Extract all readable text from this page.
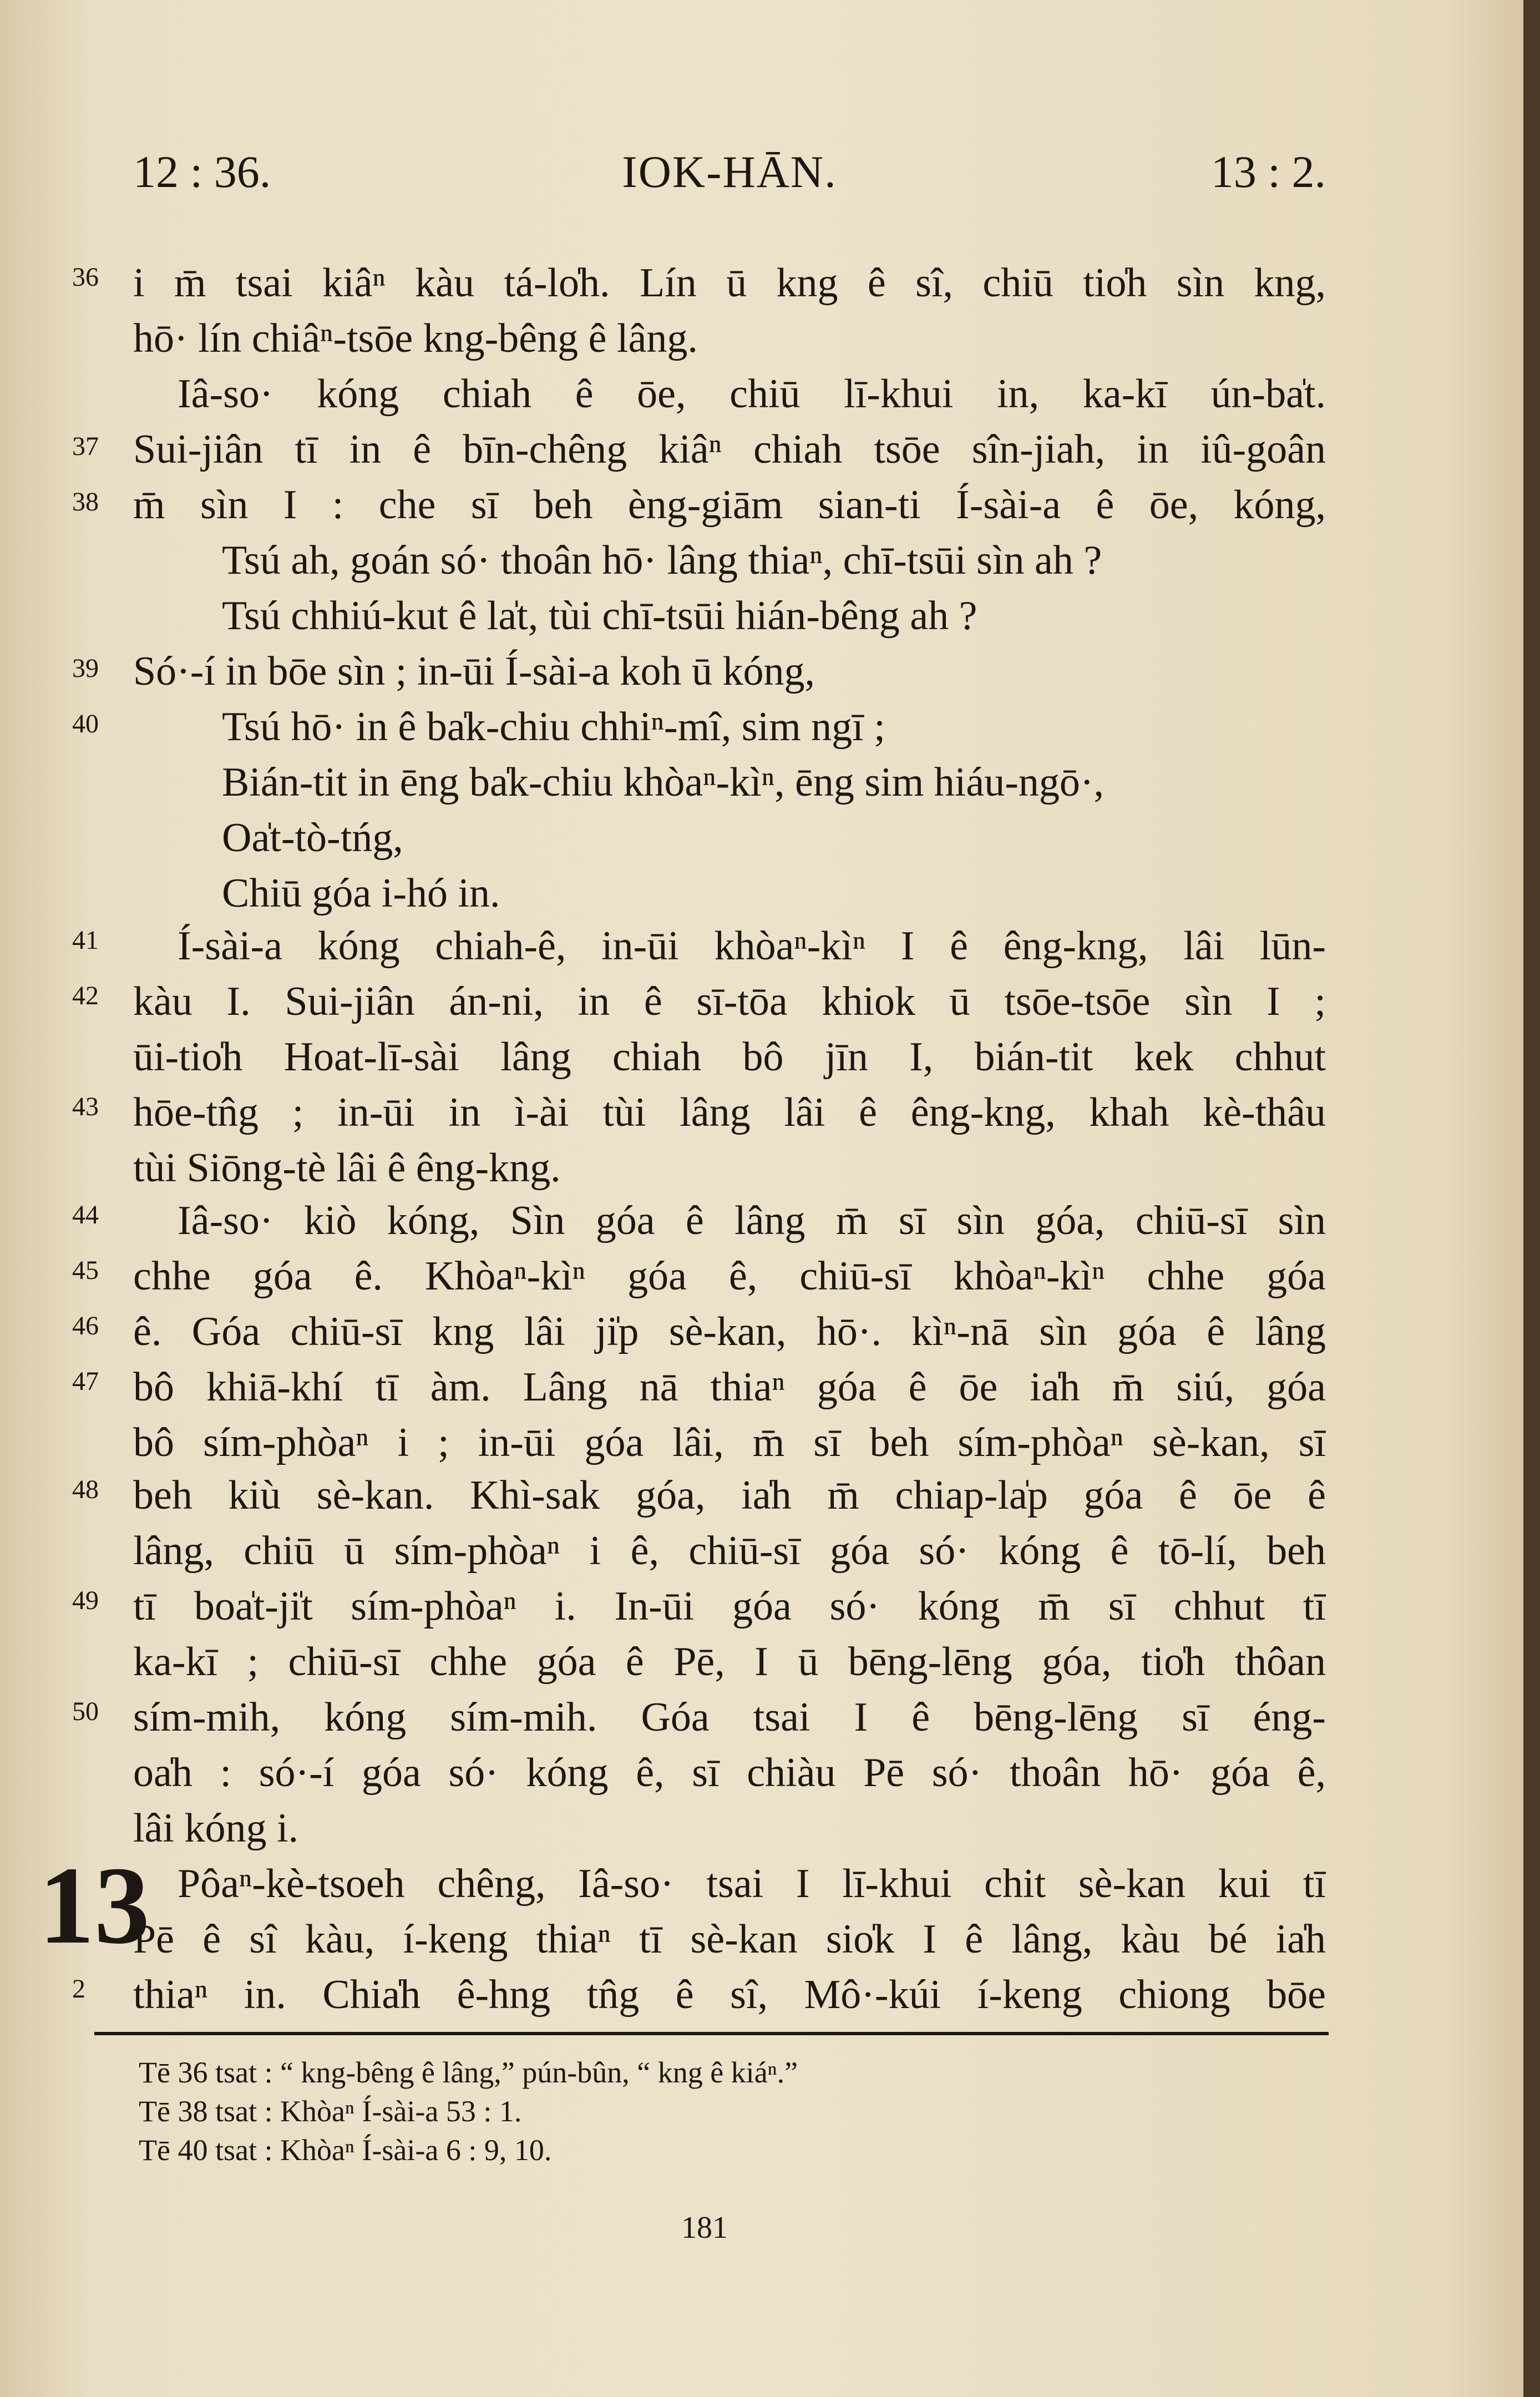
12 : 36.	IOK-HĀN.	13 : 2.
36
37
38
39
40
41
42
43
44
45
46
47
48
49
50
2
13
i m̄ tsai kiâⁿ kàu tá-lo̍h. Lín ū kng ê sî, chiū tio̍h sìn kng,
hō· lín chiâⁿ-tsōe kng-bêng ê lâng.
Iâ-so· kóng chiah ê ōe, chiū lī-khui in, ka-kī ún-ba̍t.
Sui-jiân tī in ê bīn-chêng kiâⁿ chiah tsōe sîn-jiah, in iû-goân
m̄ sìn I : che sī beh èng-giām sian-ti Í-sài-a ê ōe, kóng,
Tsú ah, goán só· thoân hō· lâng thiaⁿ, chī-tsūi sìn ah ?
Tsú chhiú-kut ê la̍t, tùi chī-tsūi hián-bêng ah ?
Só·-í in bōe sìn ; in-ūi Í-sài-a koh ū kóng,
Tsú hō· in ê ba̍k-chiu chhiⁿ-mî, sim ngī ;
Bián-tit in ēng ba̍k-chiu khòaⁿ-kìⁿ, ēng sim hiáu-ngō·,
Oa̍t-tò-tńg,
Chiū góa i-hó in.
Í-sài-a kóng chiah-ê, in-ūi khòaⁿ-kìⁿ I ê êng-kng, lâi lūn-
kàu I. Sui-jiân án-ni, in ê sī-tōa khiok ū tsōe-tsōe sìn I ;
ūi-tio̍h Hoat-lī-sài lâng chiah bô jīn I, bián-tit kek chhut
hōe-tn̂g ; in-ūi in ì-ài tùi lâng lâi ê êng-kng, khah kè-thâu
tùi Siōng-tè lâi ê êng-kng.
Iâ-so· kiò kóng, Sìn góa ê lâng m̄ sī sìn góa, chiū-sī sìn
chhe góa ê. Khòaⁿ-kìⁿ góa ê, chiū-sī khòaⁿ-kìⁿ chhe góa
ê. Góa chiū-sī kng lâi ji̍p sè-kan, hō·. kìⁿ-nā sìn góa ê lâng
bô khiā-khí tī àm. Lâng nā thiaⁿ góa ê ōe ia̍h m̄ siú, góa
bô sím-phòaⁿ i ; in-ūi góa lâi, m̄ sī beh sím-phòaⁿ sè-kan, sī
beh kiù sè-kan. Khì-sak góa, ia̍h m̄ chiap-la̍p góa ê ōe ê
lâng, chiū ū sím-phòaⁿ i ê, chiū-sī góa só· kóng ê tō-lí, beh
tī boa̍t-ji̍t sím-phòaⁿ i. In-ūi góa só· kóng m̄ sī chhut tī
ka-kī ; chiū-sī chhe góa ê Pē, I ū bēng-lēng góa, tio̍h thôan
sím-mih, kóng sím-mih. Góa tsai I ê bēng-lēng sī éng-
oa̍h : só·-í góa só· kóng ê, sī chiàu Pē só· thoân hō· góa ê,
lâi kóng i.
Pôaⁿ-kè-tsoeh chêng, Iâ-so· tsai I lī-khui chit sè-kan kui tī
Pē ê sî kàu, í-keng thiaⁿ tī sè-kan sio̍k I ê lâng, kàu bé ia̍h
thiaⁿ in. Chia̍h ê-hng tn̂g ê sî, Mô·-kúi í-keng chiong bōe
Tē 36 tsat : “ kng-bêng ê lâng,” pún-bûn, “ kng ê kiáⁿ.”
Tē 38 tsat : Khòaⁿ Í-sài-a 53 : 1.
Tē 40 tsat : Khòaⁿ Í-sài-a 6 : 9, 10.
181
